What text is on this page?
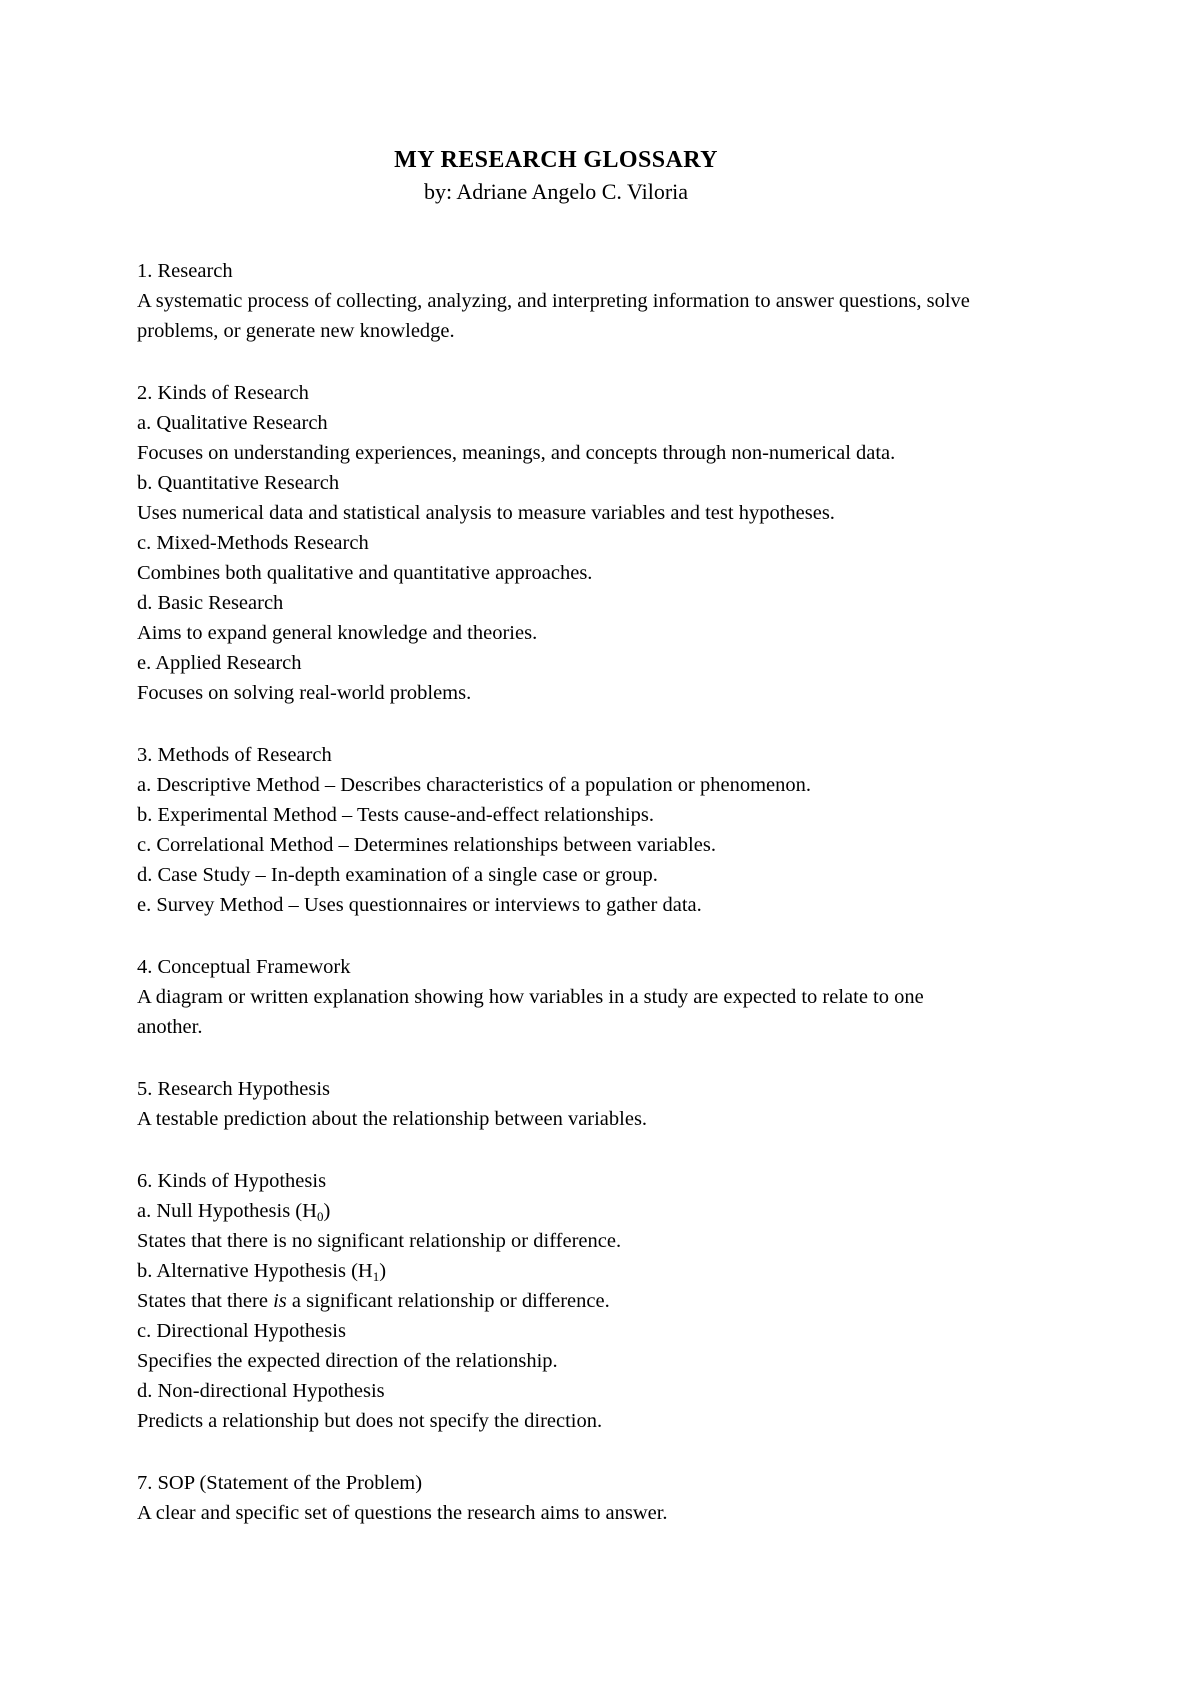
MY RESEARCH GLOSSARY

by: Adriane Angelo C. Viloria

1. Research

A systematic process of collecting, analyzing, and interpreting information to answer questions, solve problems, or generate new knowledge.

2. Kinds of Research

a. Qualitative Research

Focuses on understanding experiences, meanings, and concepts through non-numerical data.

b. Quantitative Research

Uses numerical data and statistical analysis to measure variables and test hypotheses.

c. Mixed-Methods Research

Combines both qualitative and quantitative approaches.

d. Basic Research

Aims to expand general knowledge and theories.

e. Applied Research

Focuses on solving real-world problems.

3. Methods of Research

a. Descriptive Method – Describes characteristics of a population or phenomenon.

b. Experimental Method – Tests cause-and-effect relationships.

c. Correlational Method – Determines relationships between variables.

d. Case Study – In-depth examination of a single case or group.

e. Survey Method – Uses questionnaires or interviews to gather data.

4. Conceptual Framework

A diagram or written explanation showing how variables in a study are expected to relate to one another.

5. Research Hypothesis

A testable prediction about the relationship between variables.

6. Kinds of Hypothesis

a. Null Hypothesis $(H_0)$

States that there is no significant relationship or difference.

b. Alternative Hypothesis $(H_1)$

States that there is a significant relationship or difference.

c. Directional Hypothesis

Specifies the expected direction of the relationship.

d. Non-directional Hypothesis

Predicts a relationship but does not specify the direction.

7. SOP (Statement of the Problem)

A clear and specific set of questions the research aims to answer.
